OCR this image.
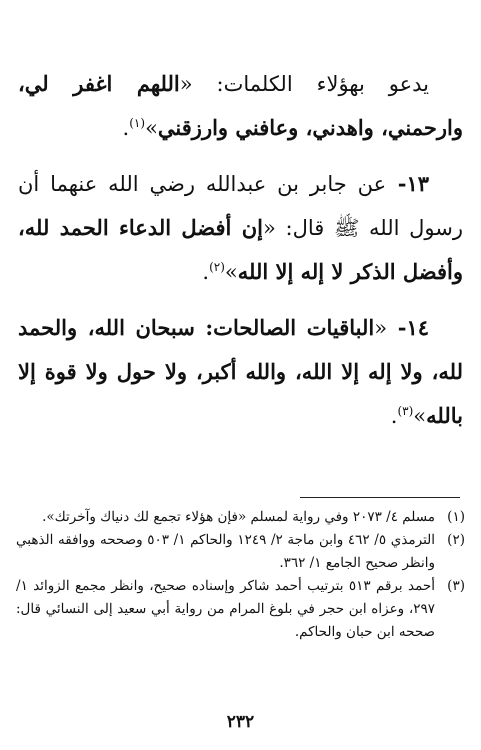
يدعو بهؤلاء الكلمات: «اللهم اغفر لي، وارحمني، واهدني، وعافني وارزقني»$^{(١)}$.

١٣- عن جابر بن عبدالله رضي الله عنهما أن رسول الله ﷺ قال: «إن أفضل الدعاء الحمد لله، وأفضل الذكر لا إله إلا الله»$^{(٢)}$.

١٤- «الباقيات الصالحات: سبحان الله، والحمد لله، ولا إله إلا الله، والله أكبر، ولا حول ولا قوة إلا بالله»$^{(٣)}$.

(١)
مسلم ٤/ ٢٠٧٣ وفي رواية لمسلم «فإن هؤلاء تجمع لك دنياك وآخرتك».

(٢)
الترمذي ٥/ ٤٦٢ وابن ماجة ٢/ ١٢٤٩ والحاكم ١/ ٥٠٣ وصححه ووافقه الذهبي وانظر صحيح الجامع ١/ ٣٦٢.

(٣)
أحمد برقم ٥١٣ بترتيب أحمد شاكر وإسناده صحيح، وانظر مجمع الزوائد ١/ ٢٩٧، وعزاه ابن حجر في بلوغ المرام من رواية أبي سعيد إلى النسائي قال: صححه ابن حبان والحاكم.

٢٣٢
